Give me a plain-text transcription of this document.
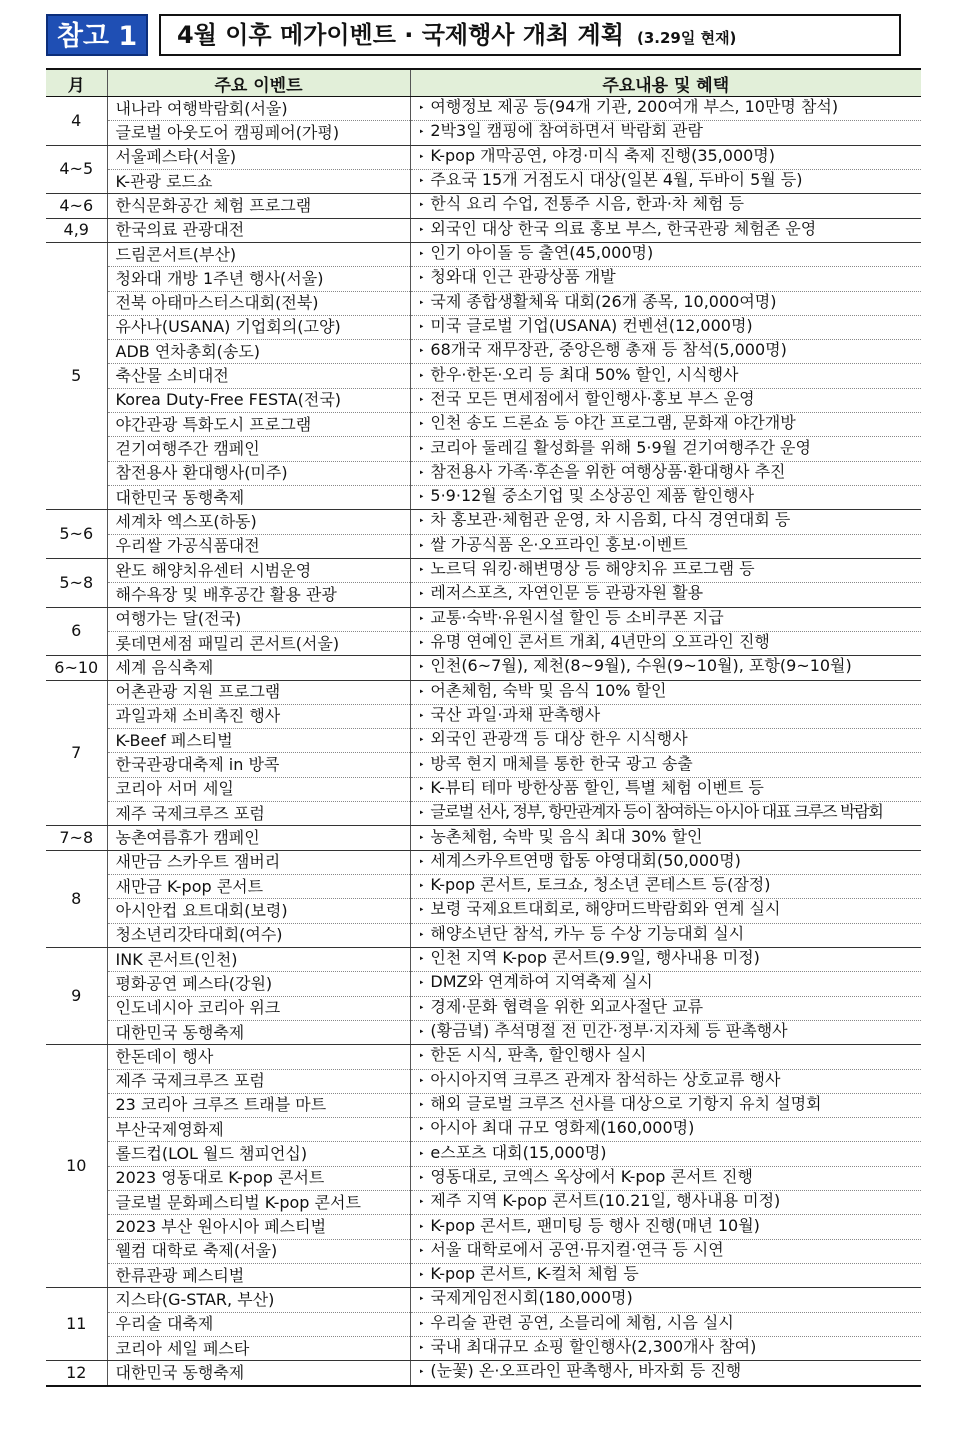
참고 1	4월 이후 메가이벤트 · 국제행사 개최 계획 (3.29일 현재)
月	주요 이벤트	주요내용 및 혜택
4	내나라 여행박람회(서울)	‣ 여행정보 제공 등(94개 기관, 200여개 부스, 10만명 참석)
	글로벌 아웃도어 캠핑페어(가평)	‣ 2박3일 캠핑에 참여하면서 박람회 관람
4~5	서울페스타(서울)	‣ K-pop 개막공연, 야경·미식 축제 진행(35,000명)
	K-관광 로드쇼	‣ 주요국 15개 거점도시 대상(일본 4월, 두바이 5월 등)
4~6	한식문화공간 체험 프로그램	‣ 한식 요리 수업, 전통주 시음, 한과·차 체험 등
4,9	한국의료 관광대전	‣ 외국인 대상 한국 의료 홍보 부스, 한국관광 체험존 운영
5	드림콘서트(부산)	‣ 인기 아이돌 등 출연(45,000명)
	청와대 개방 1주년 행사(서울)	‣ 청와대 인근 관광상품 개발
	전북 아태마스터스대회(전북)	‣ 국제 종합생활체육 대회(26개 종목, 10,000여명)
	유사나(USANA) 기업회의(고양)	‣ 미국 글로벌 기업(USANA) 컨벤션(12,000명)
	ADB 연차총회(송도)	‣ 68개국 재무장관, 중앙은행 총재 등 참석(5,000명)
	축산물 소비대전	‣ 한우·한돈·오리 등 최대 50% 할인, 시식행사
	Korea Duty-Free FESTA(전국)	‣ 전국 모든 면세점에서 할인행사·홍보 부스 운영
	야간관광 특화도시 프로그램	‣ 인천 송도 드론쇼 등 야간 프로그램, 문화재 야간개방
	걷기여행주간 캠페인	‣ 코리아 둘레길 활성화를 위해 5·9월 걷기여행주간 운영
	참전용사 환대행사(미주)	‣ 참전용사 가족·후손을 위한 여행상품·환대행사 추진
	대한민국 동행축제	‣ 5·9·12월 중소기업 및 소상공인 제품 할인행사
5~6	세계차 엑스포(하동)	‣ 차 홍보관·체험관 운영, 차 시음회, 다식 경연대회 등
	우리쌀 가공식품대전	‣ 쌀 가공식품 온·오프라인 홍보·이벤트
5~8	완도 해양치유센터 시범운영	‣ 노르딕 워킹·해변명상 등 해양치유 프로그램 등
	해수욕장 및 배후공간 활용 관광	‣ 레저스포츠, 자연인문 등 관광자원 활용
6	여행가는 달(전국)	‣ 교통·숙박·유원시설 할인 등 소비쿠폰 지급
	롯데면세점 패밀리 콘서트(서울)	‣ 유명 연예인 콘서트 개최, 4년만의 오프라인 진행
6~10	세계 음식축제	‣ 인천(6~7월), 제천(8~9월), 수원(9~10월), 포항(9~10월)
7	어촌관광 지원 프로그램	‣ 어촌체험, 숙박 및 음식 10% 할인
	과일과채 소비촉진 행사	‣ 국산 과일·과채 판촉행사
	K-Beef 페스티벌	‣ 외국인 관광객 등 대상 한우 시식행사
	한국관광대축제 in 방콕	‣ 방콕 현지 매체를 통한 한국 광고 송출
	코리아 서머 세일	‣ K-뷰티 테마 방한상품 할인, 특별 체험 이벤트 등
	제주 국제크루즈 포럼	‣ 글로벌 선사, 정부, 항만관계자 등이 참여하는 아시아 대표 크루즈 박람회
7~8	농촌여름휴가 캠페인	‣ 농촌체험, 숙박 및 음식 최대 30% 할인
8	새만금 스카우트 잼버리	‣ 세계스카우트연맹 합동 야영대회(50,000명)
	새만금 K-pop 콘서트	‣ K-pop 콘서트, 토크쇼, 청소년 콘테스트 등(잠정)
	아시안컵 요트대회(보령)	‣ 보령 국제요트대회로, 해양머드박람회와 연계 실시
	청소년리갓타대회(여수)	‣ 해양소년단 참석, 카누 등 수상 기능대회 실시
9	INK 콘서트(인천)	‣ 인천 지역 K-pop 콘서트(9.9일, 행사내용 미정)
	평화공연 페스타(강원)	‣ DMZ와 연계하여 지역축제 실시
	인도네시아 코리아 위크	‣ 경제·문화 협력을 위한 외교사절단 교류
	대한민국 동행축제	‣ (황금녘) 추석명절 전 민간·정부·지자체 등 판촉행사
10	한돈데이 행사	‣ 한돈 시식, 판촉, 할인행사 실시
	제주 국제크루즈 포럼	‣ 아시아지역 크루즈 관계자 참석하는 상호교류 행사
	23 코리아 크루즈 트래블 마트	‣ 해외 글로벌 크루즈 선사를 대상으로 기항지 유치 설명회
	부산국제영화제	‣ 아시아 최대 규모 영화제(160,000명)
	롤드컵(LOL 월드 챔피언십)	‣ e스포츠 대회(15,000명)
	2023 영동대로 K-pop 콘서트	‣ 영동대로, 코엑스 옥상에서 K-pop 콘서트 진행
	글로벌 문화페스티벌 K-pop 콘서트	‣ 제주 지역 K-pop 콘서트(10.21일, 행사내용 미정)
	2023 부산 원아시아 페스티벌	‣ K-pop 콘서트, 팬미팅 등 행사 진행(매년 10월)
	웰컴 대학로 축제(서울)	‣ 서울 대학로에서 공연·뮤지컬·연극 등 시연
	한류관광 페스티벌	‣ K-pop 콘서트, K-컬처 체험 등
11	지스타(G-STAR, 부산)	‣ 국제게임전시회(180,000명)
	우리술 대축제	‣ 우리술 관련 공연, 소믈리에 체험, 시음 실시
	코리아 세일 페스타	‣ 국내 최대규모 쇼핑 할인행사(2,300개사 참여)
12	대한민국 동행축제	‣ (눈꽃) 온·오프라인 판촉행사, 바자회 등 진행
